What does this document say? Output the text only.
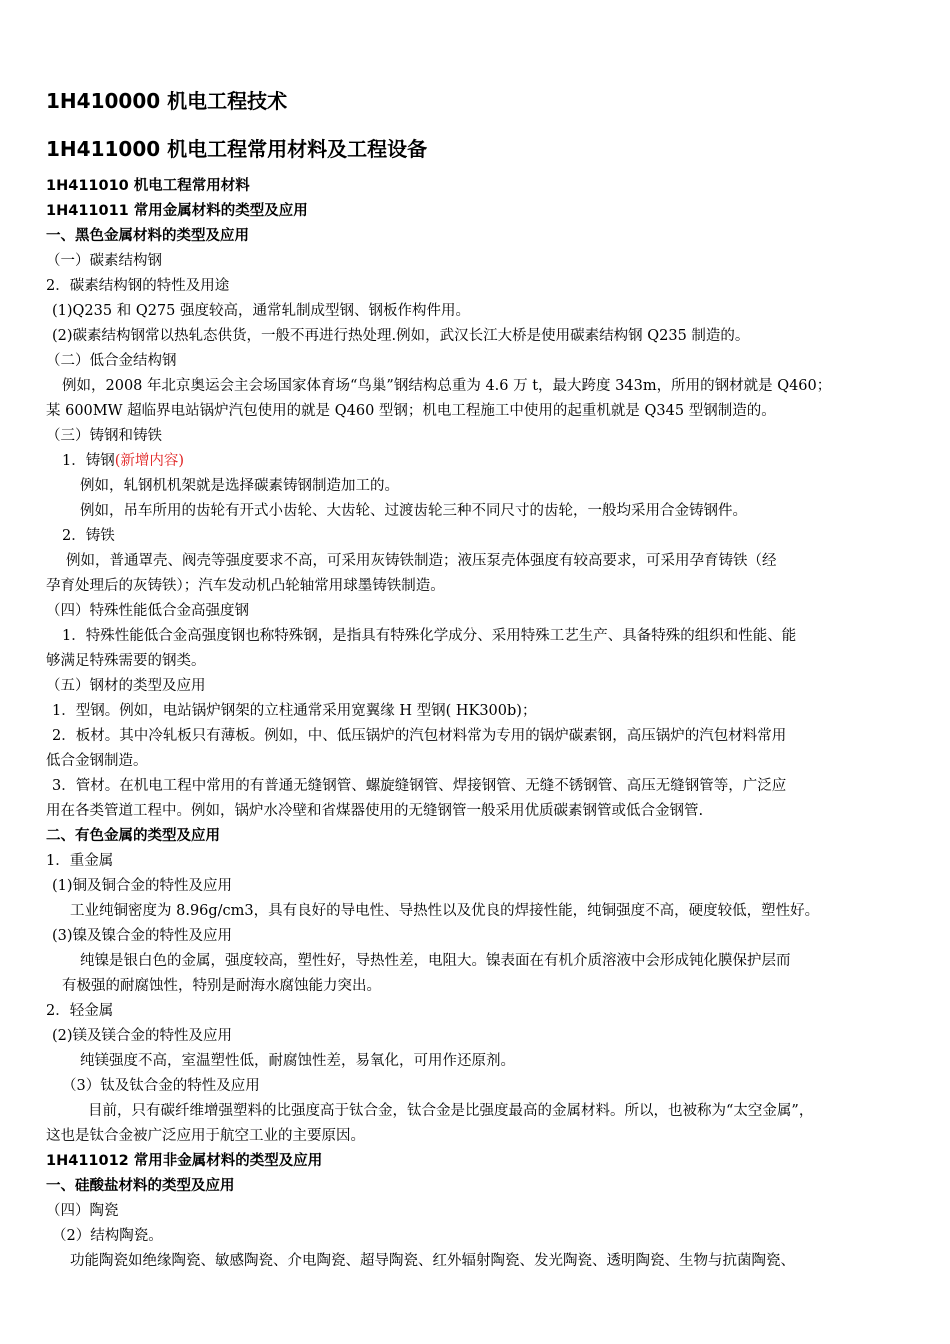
1H410000 机电工程技术
1H411000 机电工程常用材料及工程设备
1H411010 机电工程常用材料
1H411011 常用金属材料的类型及应用
一、黑色金属材料的类型及应用
（一）碳素结构钢
2．碳素结构钢的特性及用途
(1)Q235 和 Q275 强度较高，通常轧制成型钢、钢板作构件用。
(2)碳素结构钢常以热轧态供货，一般不再进行热处理.例如，武汉长江大桥是使用碳素结构钢 Q235 制造的。
（二）低合金结构钢
例如，2008 年北京奥运会主会场国家体育场“鸟巢”钢结构总重为 4.6 万 t，最大跨度 343m，所用的钢材就是 Q460；
某 600MW 超临界电站锅炉汽包使用的就是 Q460 型钢；机电工程施工中使用的起重机就是 Q345 型钢制造的。
（三）铸钢和铸铁
1．铸钢(新增内容)
例如，轧钢机机架就是选择碳素铸钢制造加工的。
例如，吊车所用的齿轮有开式小齿轮、大齿轮、过渡齿轮三种不同尺寸的齿轮，一般均采用合金铸钢件。
2．铸铁
例如，普通罩壳、阀壳等强度要求不高，可采用灰铸铁制造；液压泵壳体强度有较高要求，可采用孕育铸铁（经
孕育处理后的灰铸铁）；汽车发动机凸轮轴常用球墨铸铁制造。
（四）特殊性能低合金高强度钢
1．特殊性能低合金高强度钢也称特殊钢，是指具有特殊化学成分、采用特殊工艺生产、具备特殊的组织和性能、能
够满足特殊需要的钢类。
（五）钢材的类型及应用
1．型钢。例如，电站锅炉钢架的立柱通常采用宽翼缘 H 型钢( HK300b)；
2．板材。其中冷轧板只有薄板。例如，中、低压锅炉的汽包材料常为专用的锅炉碳素钢，高压锅炉的汽包材料常用
低合金钢制造。
3．管材。在机电工程中常用的有普通无缝钢管、螺旋缝钢管、焊接钢管、无缝不锈钢管、高压无缝钢管等，广泛应
用在各类管道工程中。例如，锅炉水冷壁和省煤器使用的无缝钢管一般采用优质碳素钢管或低合金钢管.
二、有色金属的类型及应用
1．重金属
(1)铜及铜合金的特性及应用
工业纯铜密度为 8.96g/cm3，具有良好的导电性、导热性以及优良的焊接性能，纯铜强度不高，硬度较低，塑性好。
(3)镍及镍合金的特性及应用
纯镍是银白色的金属，强度较高，塑性好，导热性差，电阻大。镍表面在有机介质溶液中会形成钝化膜保护层而
有极强的耐腐蚀性，特别是耐海水腐蚀能力突出。
2．轻金属
(2)镁及镁合金的特性及应用
纯镁强度不高，室温塑性低，耐腐蚀性差，易氧化，可用作还原剂。
（3）钛及钛合金的特性及应用
目前，只有碳纤维增强塑料的比强度高于钛合金，钛合金是比强度最高的金属材料。所以，也被称为“太空金属”，
这也是钛合金被广泛应用于航空工业的主要原因。
1H411012 常用非金属材料的类型及应用
一、硅酸盐材料的类型及应用
（四）陶瓷
（2）结构陶瓷。
功能陶瓷如绝缘陶瓷、敏感陶瓷、介电陶瓷、超导陶瓷、红外辐射陶瓷、发光陶瓷、透明陶瓷、生物与抗菌陶瓷、
